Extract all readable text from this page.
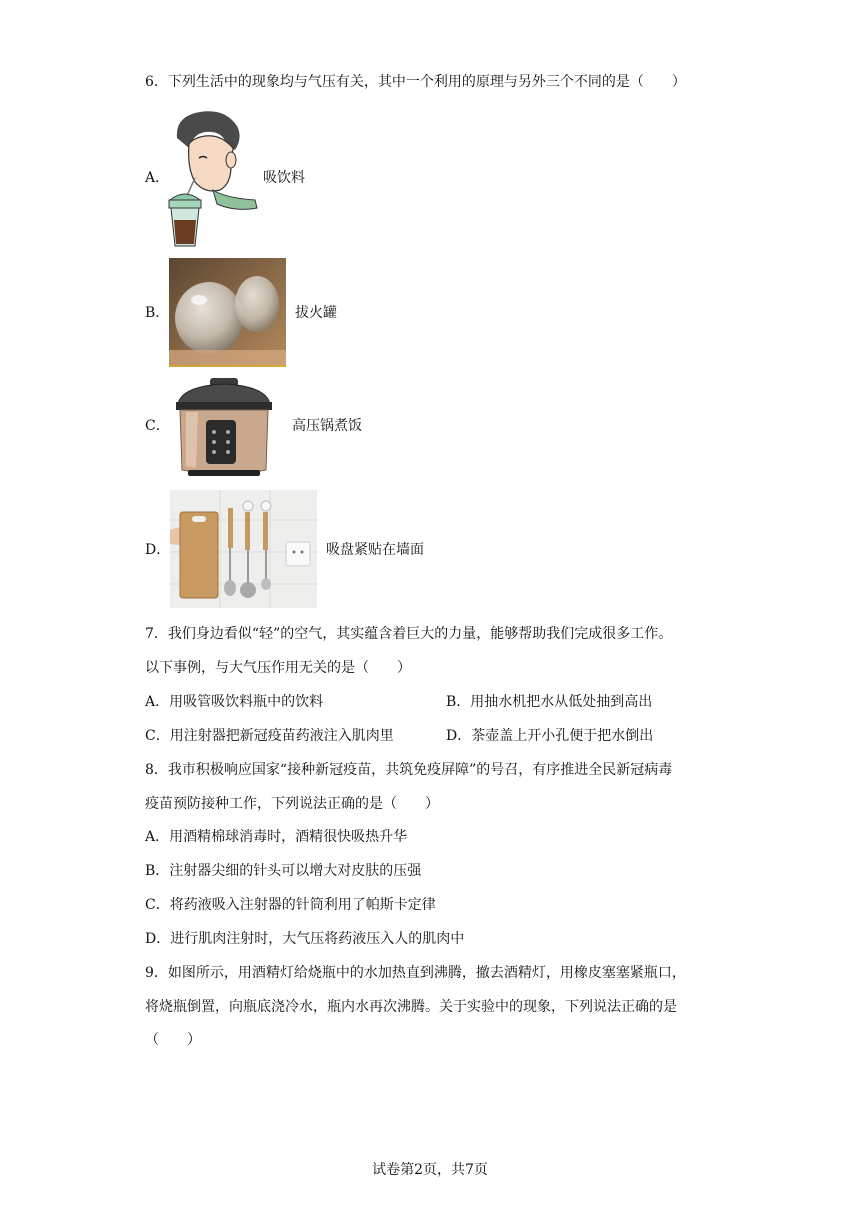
6．下列生活中的现象均与气压有关，其中一个利用的原理与另外三个不同的是（　　）
A．	吸饮料
B．	拔火罐
C．	高压锅煮饭
D．	吸盘紧贴在墙面
7．我们身边看似“轻”的空气，其实蕴含着巨大的力量，能够帮助我们完成很多工作。
以下事例，与大气压作用无关的是（　　）
A．用吸管吸饮料瓶中的饮料	B．用抽水机把水从低处抽到高出
C．用注射器把新冠疫苗药液注入肌肉里	D．茶壶盖上开小孔便于把水倒出
8．我市积极响应国家“接种新冠疫苗，共筑免疫屏障”的号召，有序推进全民新冠病毒
疫苗预防接种工作，下列说法正确的是（　　）
A．用酒精棉球消毒时，酒精很快吸热升华
B．注射器尖细的针头可以增大对皮肤的压强
C．将药液吸入注射器的针筒利用了帕斯卡定律
D．进行肌肉注射时，大气压将药液压入人的肌肉中
9．如图所示，用酒精灯给烧瓶中的水加热直到沸腾，撤去酒精灯，用橡皮塞塞紧瓶口，
将烧瓶倒置，向瓶底浇冷水，瓶内水再次沸腾。关于实验中的现象，下列说法正确的是
（　　）
试卷第2页，共7页
